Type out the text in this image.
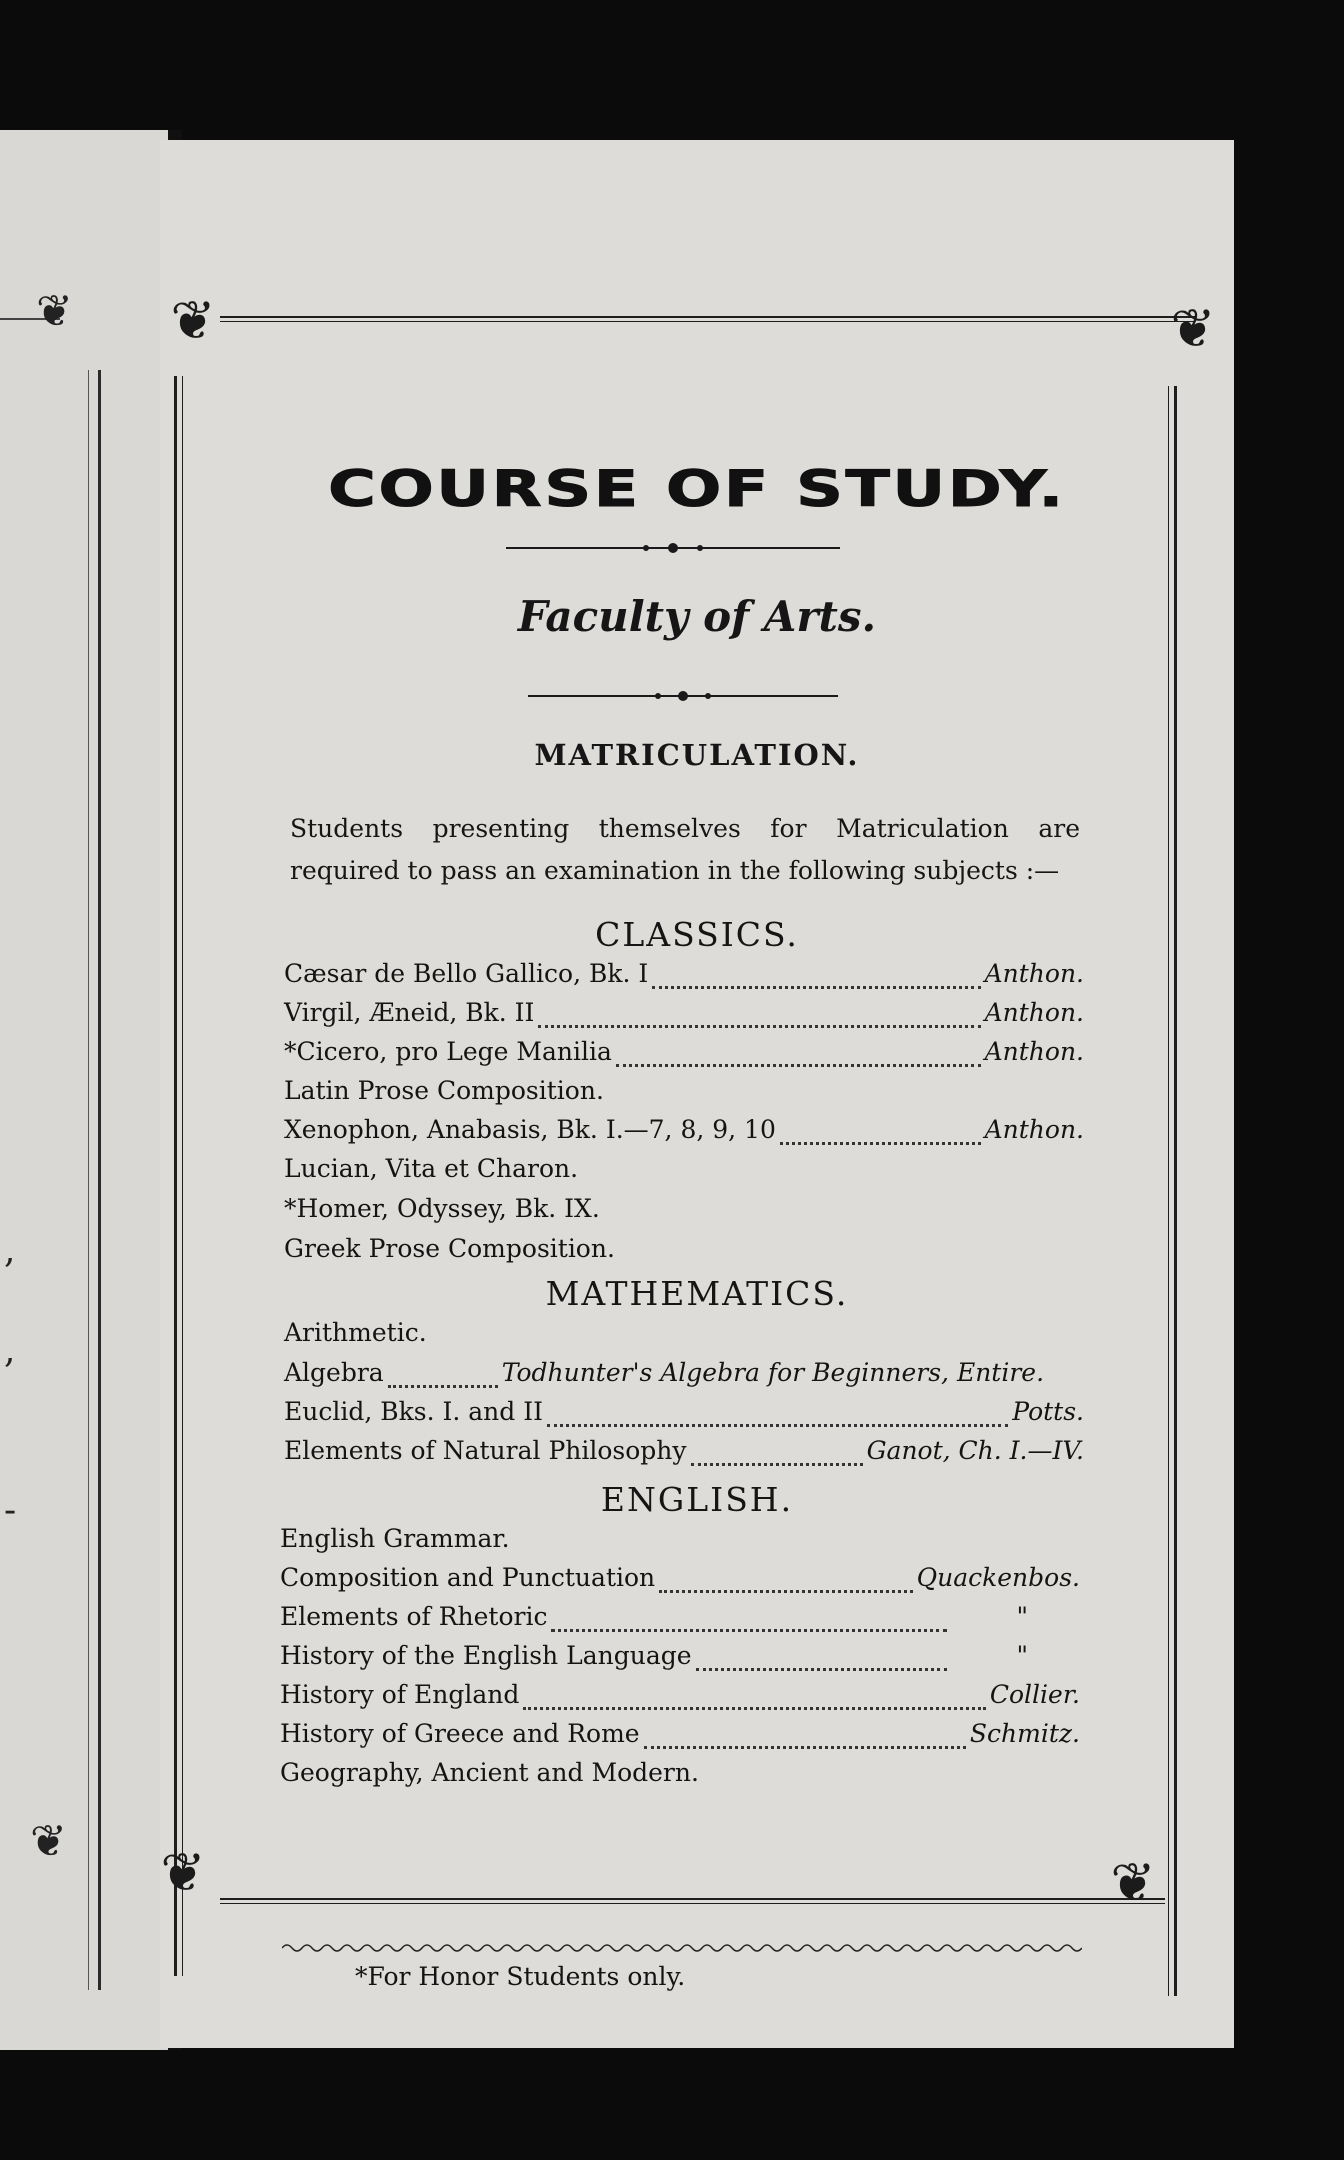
❦
,
,
-
❦
❦	❦
❦	❦
COURSE OF STUDY.
Faculty of Arts.
MATRICULATION.
Students presenting themselves for Matriculation are required to pass an examination in the following subjects :—
CLASSICS.
Cæsar de Bello Gallico, Bk. I	Anthon.
Virgil, Æneid, Bk. II	Anthon.
*Cicero, pro Lege Manilia	Anthon.
Latin Prose Composition.
Xenophon, Anabasis, Bk. I.—7, 8, 9, 10	Anthon.
Lucian, Vita et Charon.
*Homer, Odyssey, Bk. IX.
Greek Prose Composition.
MATHEMATICS.
Arithmetic.
Algebra	Todhunter's Algebra for Beginners, Entire.
Euclid, Bks. I. and II	Potts.
Elements of Natural Philosophy	Ganot, Ch. I.—IV.
ENGLISH.
English Grammar.
Composition and Punctuation	Quackenbos.
Elements of Rhetoric	"
History of the English Language	"
History of England	Collier.
History of Greece and Rome	Schmitz.
Geography, Ancient and Modern.
*For Honor Students only.
